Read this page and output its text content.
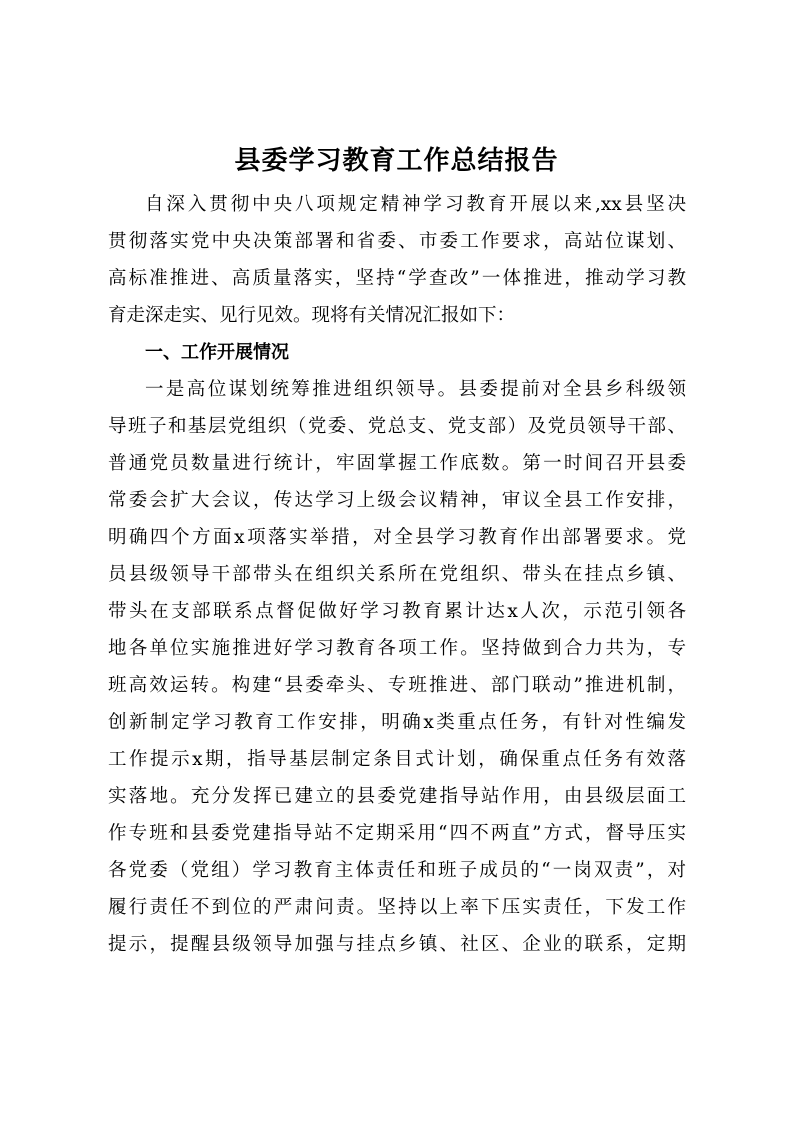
县委学习教育工作总结报告
自深入贯彻中央八项规定精神学习教育开展以来,xx县坚决
贯彻落实党中央决策部署和省委、市委工作要求，高站位谋划、
高标准推进、高质量落实，坚持“学查改”一体推进，推动学习教
育走深走实、见行见效。现将有关情况汇报如下：
一、工作开展情况
一是高位谋划统筹推进组织领导。县委提前对全县乡科级领
导班子和基层党组织（党委、党总支、党支部）及党员领导干部、
普通党员数量进行统计，牢固掌握工作底数。第一时间召开县委
常委会扩大会议，传达学习上级会议精神，审议全县工作安排，
明确四个方面x项落实举措，对全县学习教育作出部署要求。党
员县级领导干部带头在组织关系所在党组织、带头在挂点乡镇、
带头在支部联系点督促做好学习教育累计达x人次，示范引领各
地各单位实施推进好学习教育各项工作。坚持做到合力共为，专
班高效运转。构建“县委牵头、专班推进、部门联动”推进机制，
创新制定学习教育工作安排，明确x类重点任务，有针对性编发
工作提示x期，指导基层制定条目式计划，确保重点任务有效落
实落地。充分发挥已建立的县委党建指导站作用，由县级层面工
作专班和县委党建指导站不定期采用“四不两直”方式，督导压实
各党委（党组）学习教育主体责任和班子成员的“一岗双责”，对
履行责任不到位的严肃问责。坚持以上率下压实责任，下发工作
提示，提醒县级领导加强与挂点乡镇、社区、企业的联系，定期
